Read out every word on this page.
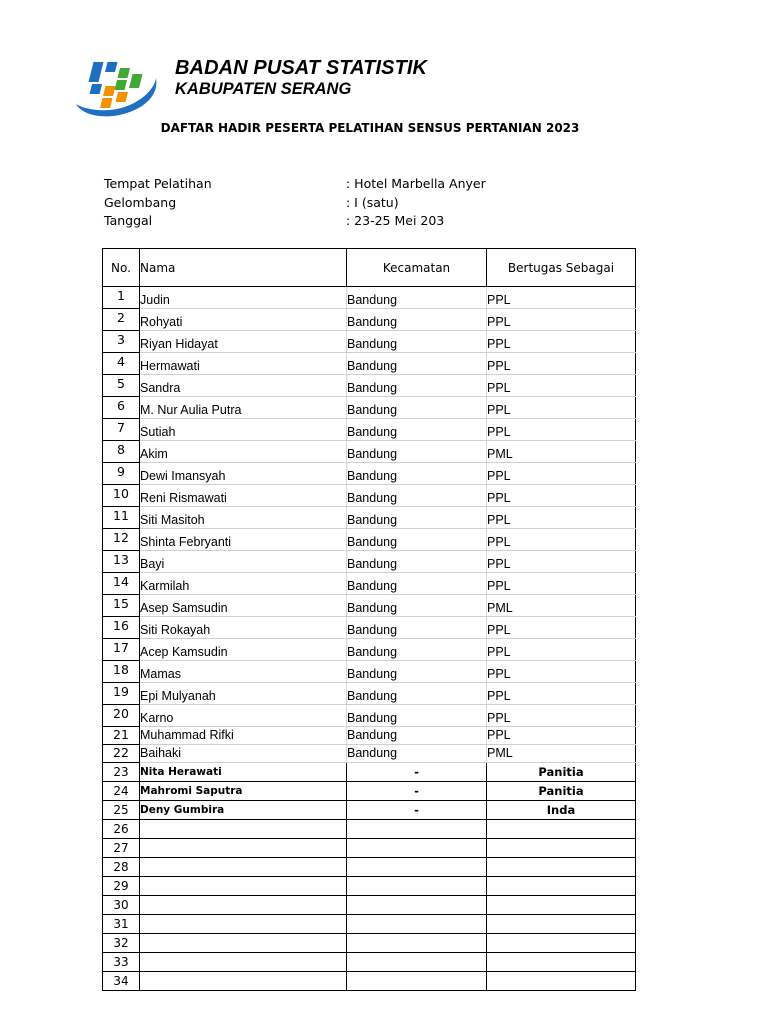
BADAN PUSAT STATISTIK
KABUPATEN SERANG
DAFTAR HADIR PESERTA PELATIHAN SENSUS PERTANIAN 2023
Tempat Pelatihan	: Hotel Marbella Anyer
Gelombang	: I (satu)
Tanggal	: 23-25 Mei 203
No.	Nama	Kecamatan	Bertugas Sebagai
1	Judin	Bandung	PPL
2	Rohyati	Bandung	PPL
3	Riyan Hidayat	Bandung	PPL
4	Hermawati	Bandung	PPL
5	Sandra	Bandung	PPL
6	M. Nur Aulia Putra	Bandung	PPL
7	Sutiah	Bandung	PPL
8	Akim	Bandung	PML
9	Dewi Imansyah	Bandung	PPL
10	Reni Rismawati	Bandung	PPL
11	Siti Masitoh	Bandung	PPL
12	Shinta Febryanti	Bandung	PPL
13	Bayi	Bandung	PPL
14	Karmilah	Bandung	PPL
15	Asep Samsudin	Bandung	PML
16	Siti Rokayah	Bandung	PPL
17	Acep Kamsudin	Bandung	PPL
18	Mamas	Bandung	PPL
19	Epi Mulyanah	Bandung	PPL
20	Karno	Bandung	PPL
21	Muhammad Rifki	Bandung	PPL
22	Baihaki	Bandung	PML
23	Nita Herawati	-	Panitia
24	Mahromi Saputra	-	Panitia
25	Deny Gumbira	-	Inda
26			
27			
28			
29			
30			
31			
32			
33			
34			
